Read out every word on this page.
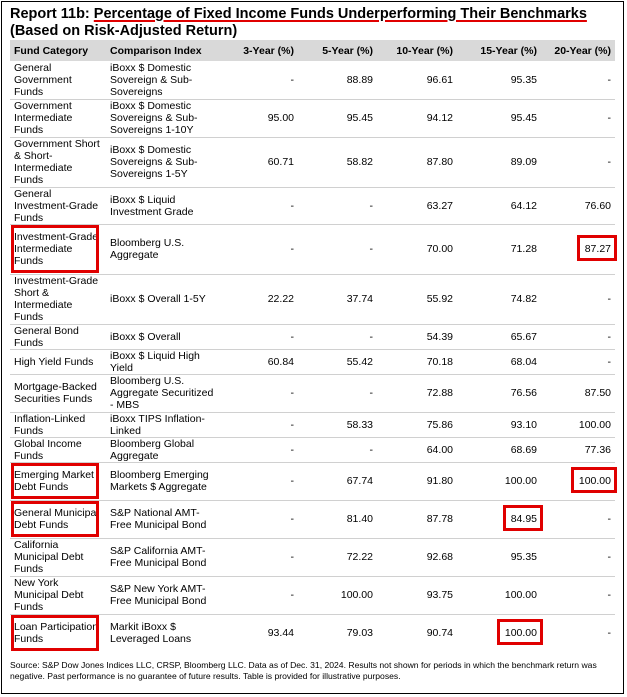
Report 11b: Percentage of Fixed Income Funds Underperforming Their Benchmarks
(Based on Risk-Adjusted Return)
Fund Category	Comparison Index	3-Year (%)	5-Year (%)	10-Year (%)	15-Year (%)	20-Year (%)
General Government Funds	iBoxx $ Domestic Sovereign & Sub-Sovereigns	-	88.89	96.61	95.35	-
Government Intermediate Funds	iBoxx $ Domestic Sovereigns & Sub-Sovereigns 1-10Y	95.00	95.45	94.12	95.45	-
Government Short & Short-Intermediate Funds	iBoxx $ Domestic Sovereigns & Sub-Sovereigns 1-5Y	60.71	58.82	87.80	89.09	-
General Investment-Grade Funds	iBoxx $ Liquid Investment Grade	-	-	63.27	64.12	76.60
Investment-Grade Intermediate Funds	Bloomberg U.S. Aggregate	-	-	70.00	71.28	87.27
Investment-Grade Short & Intermediate Funds	iBoxx $ Overall 1-5Y	22.22	37.74	55.92	74.82	-
General Bond Funds	iBoxx $ Overall	-	-	54.39	65.67	-
High Yield Funds	iBoxx $ Liquid High Yield	60.84	55.42	70.18	68.04	-
Mortgage-Backed Securities Funds	Bloomberg U.S. Aggregate Securitized - MBS	-	-	72.88	76.56	87.50
Inflation-Linked Funds	iBoxx TIPS Inflation-Linked	-	58.33	75.86	93.10	100.00
Global Income Funds	Bloomberg Global Aggregate	-	-	64.00	68.69	77.36
Emerging Market Debt Funds	Bloomberg Emerging Markets $ Aggregate	-	67.74	91.80	100.00	100.00
General Municipal Debt Funds	S&P National AMT-Free Municipal Bond	-	81.40	87.78	84.95	-
California Municipal Debt Funds	S&P California AMT-Free Municipal Bond	-	72.22	92.68	95.35	-
New York Municipal Debt Funds	S&P New York AMT-Free Municipal Bond	-	100.00	93.75	100.00	-
Loan Participation Funds	Markit iBoxx $ Leveraged Loans	93.44	79.03	90.74	100.00	-
Source: S&P Dow Jones Indices LLC, CRSP, Bloomberg LLC. Data as of Dec. 31, 2024. Results not shown for periods in which the benchmark return was negative. Past performance is no guarantee of future results. Table is provided for illustrative purposes.
